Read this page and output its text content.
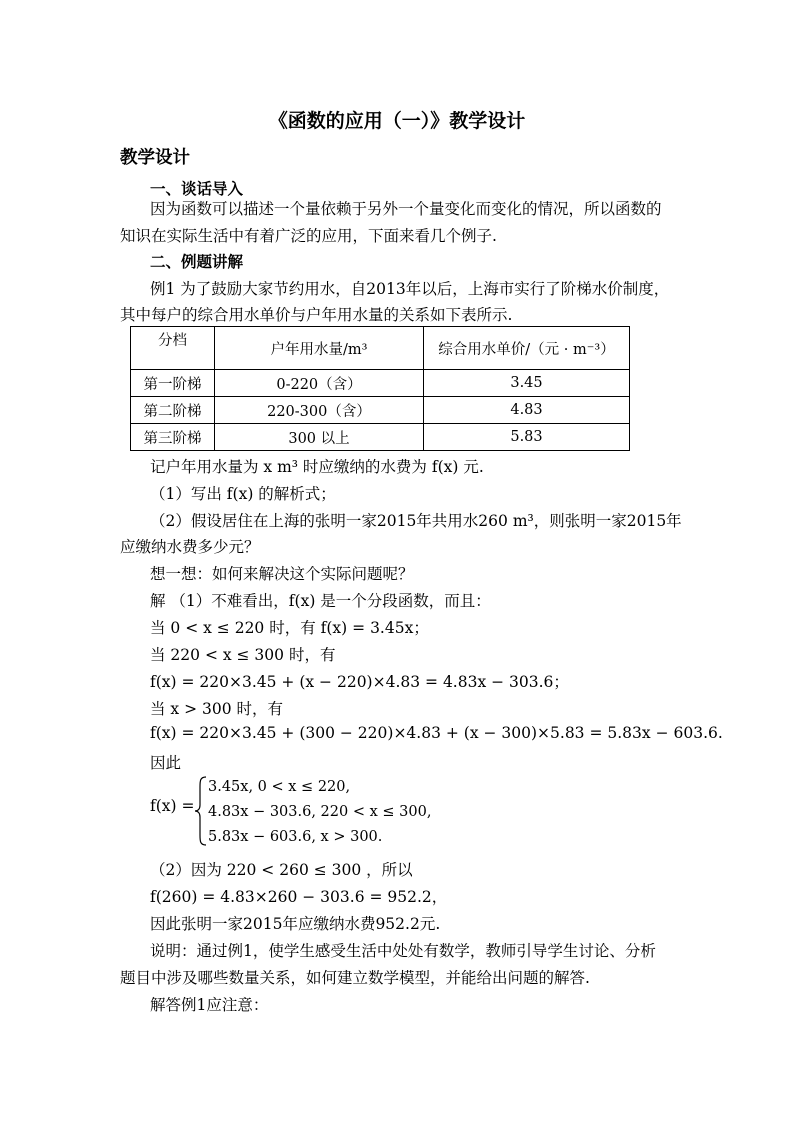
《函数的应用（一）》教学设计
教学设计
一、谈话导入
因为函数可以描述一个量依赖于另外一个量变化而变化的情况，所以函数的
知识在实际生活中有着广泛的应用，下面来看几个例子.
二、例题讲解
例1 为了鼓励大家节约用水，自2013年以后，上海市实行了阶梯水价制度，
其中每户的综合用水单价与户年用水量的关系如下表所示.
分档	户年用水量/m³	综合用水单价/（元 · m⁻³）
第一阶梯	0-220（含）	3.45
第二阶梯	220-300（含）	4.83
第三阶梯	300 以上	5.83
记户年用水量为 x m³ 时应缴纳的水费为 f(x) 元.
（1）写出 f(x) 的解析式；
（2）假设居住在上海的张明一家2015年共用水260 m³，则张明一家2015年
应缴纳水费多少元？
想一想：如何来解决这个实际问题呢？
解 （1）不难看出，f(x) 是一个分段函数，而且：
当 0 < x ≤ 220 时，有 f(x) = 3.45x；
当 220 < x ≤ 300 时，有
f(x) = 220×3.45 + (x − 220)×4.83 = 4.83x − 303.6；
当 x > 300 时，有
f(x) = 220×3.45 + (300 − 220)×4.83 + (x − 300)×5.83 = 5.83x − 603.6.
因此
f(x) =
3.45x, 0 < x ≤ 220,
4.83x − 303.6, 220 < x ≤ 300,
5.83x − 603.6, x > 300.
（2）因为 220 < 260 ≤ 300 ，所以
f(260) = 4.83×260 − 303.6 = 952.2，
因此张明一家2015年应缴纳水费952.2元.
说明：通过例1，使学生感受生活中处处有数学，教师引导学生讨论、分析
题目中涉及哪些数量关系，如何建立数学模型，并能给出问题的解答.
解答例1应注意：
